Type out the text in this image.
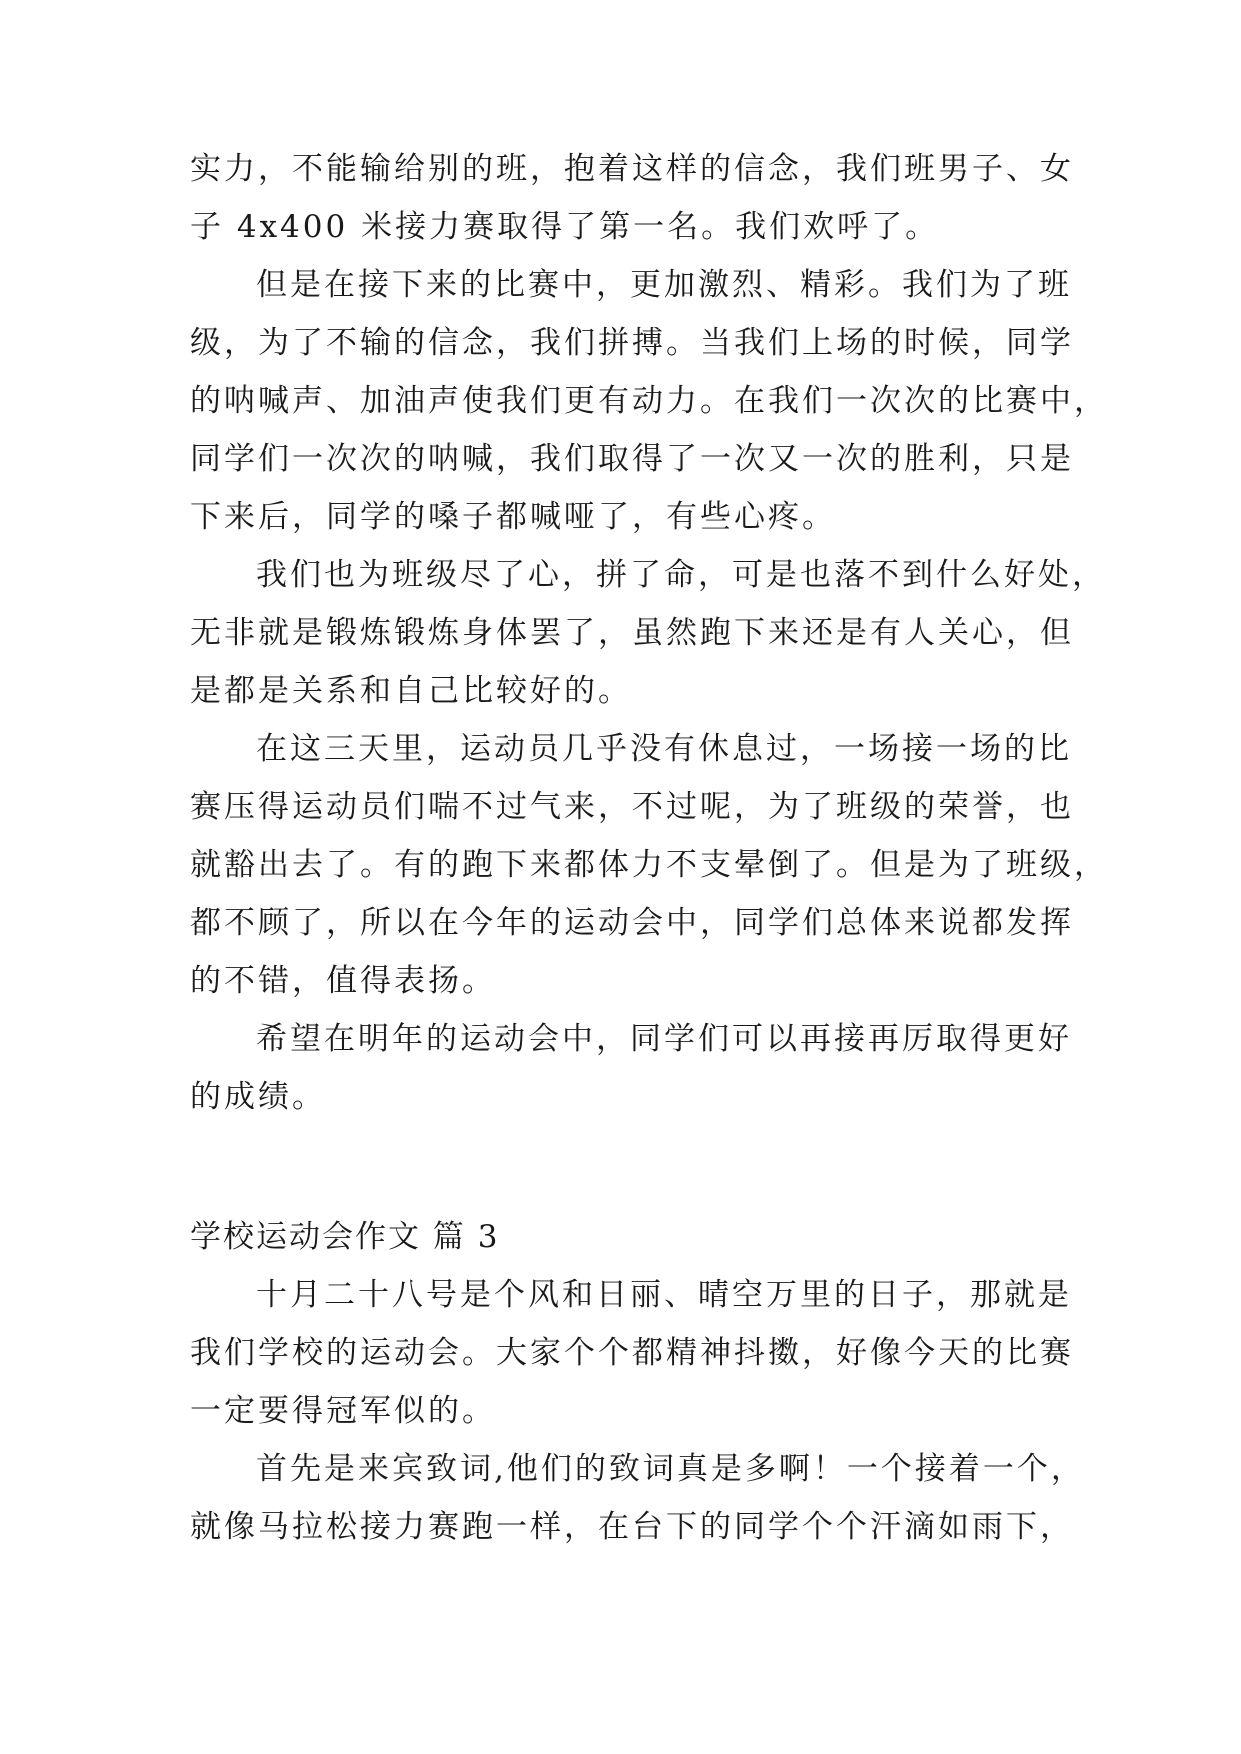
实力，不能输给别的班，抱着这样的信念，我们班男子、女
子 4x400 米接力赛取得了第一名。我们欢呼了。
但是在接下来的比赛中，更加激烈、精彩。我们为了班
级，为了不输的信念，我们拼搏。当我们上场的时候，同学
的呐喊声、加油声使我们更有动力。在我们一次次的比赛中，
同学们一次次的呐喊，我们取得了一次又一次的胜利，只是
下来后，同学的嗓子都喊哑了，有些心疼。
我们也为班级尽了心，拼了命，可是也落不到什么好处，
无非就是锻炼锻炼身体罢了，虽然跑下来还是有人关心，但
是都是关系和自己比较好的。
在这三天里，运动员几乎没有休息过，一场接一场的比
赛压得运动员们喘不过气来，不过呢，为了班级的荣誉，也
就豁出去了。有的跑下来都体力不支晕倒了。但是为了班级，
都不顾了，所以在今年的运动会中，同学们总体来说都发挥
的不错，值得表扬。
希望在明年的运动会中，同学们可以再接再厉取得更好
的成绩。
学校运动会作文 篇 3
十月二十八号是个风和日丽、晴空万里的日子，那就是
我们学校的运动会。大家个个都精神抖擞，好像今天的比赛
一定要得冠军似的。
首先是来宾致词,他们的致词真是多啊！一个接着一个，
就像马拉松接力赛跑一样，在台下的同学个个汗滴如雨下，
